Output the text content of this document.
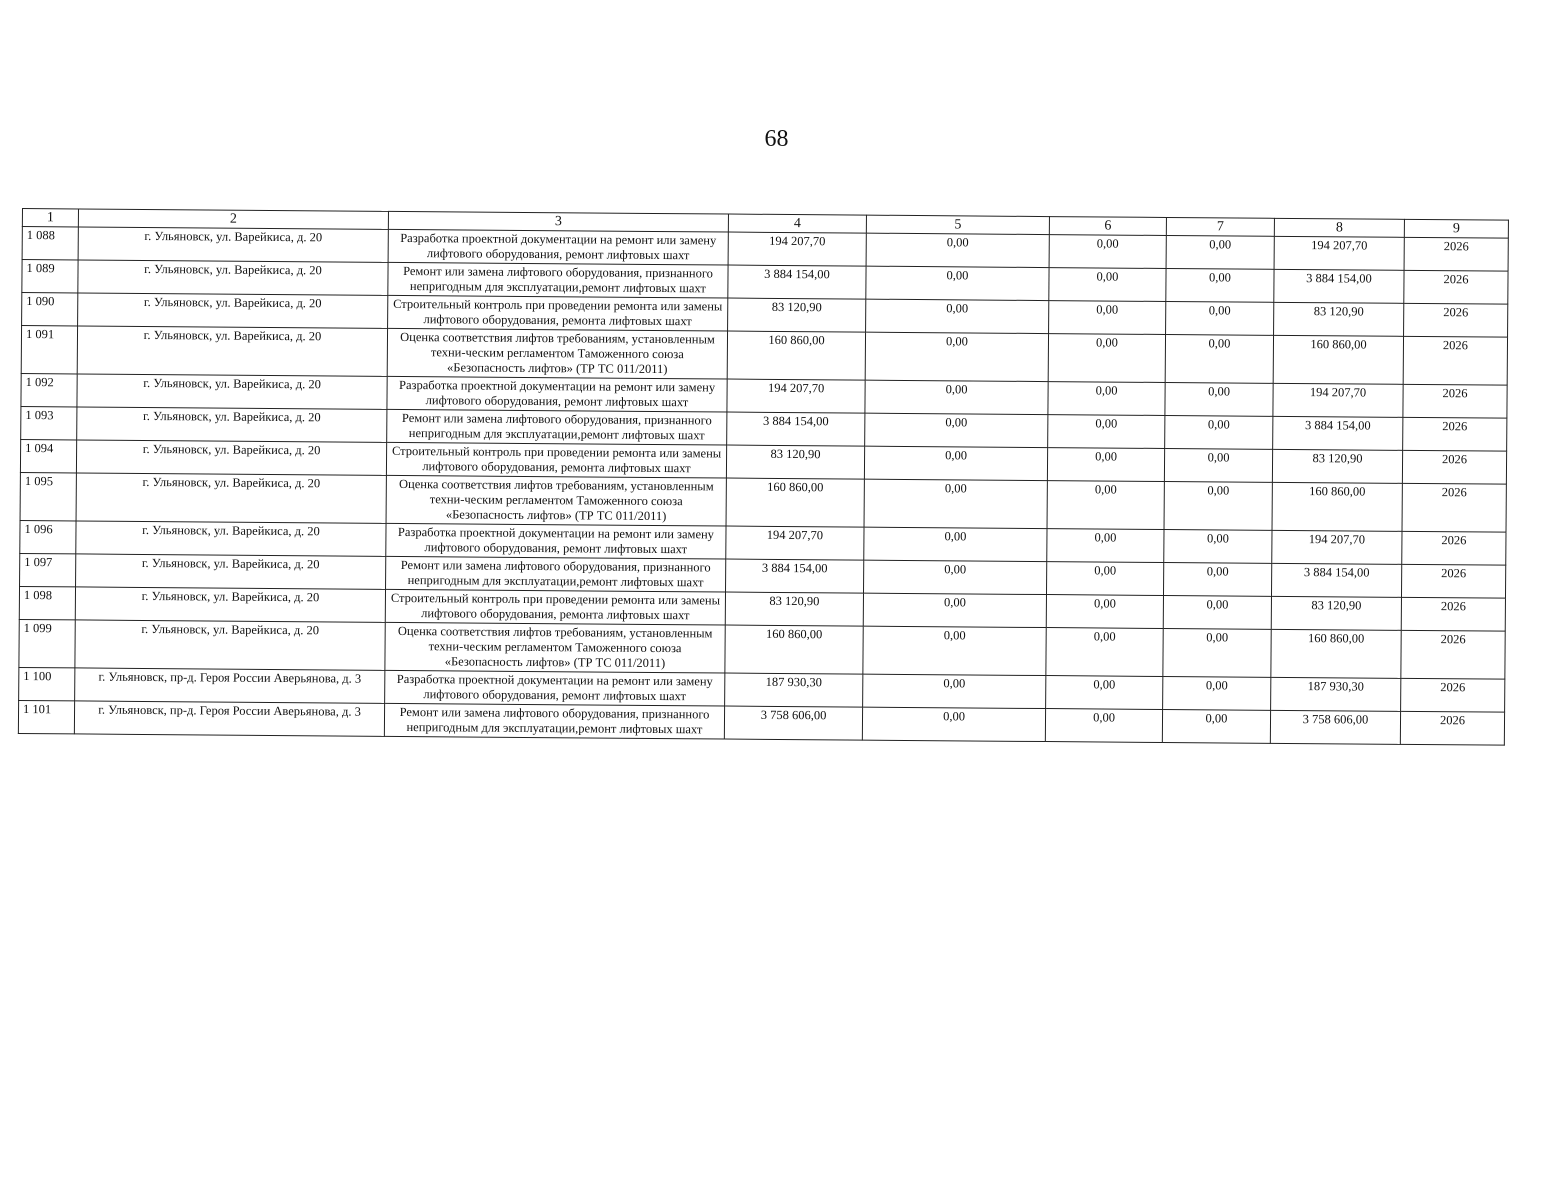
68
1	2	3	4	5	6	7	8	9
1 088	г. Ульяновск, ул. Варейкиса, д. 20	Разработка проектной документации на ремонт или замену лифтового оборудования, ремонт лифтовых шахт	194 207,70	0,00	0,00	0,00	194 207,70	2026
1 089	г. Ульяновск, ул. Варейкиса, д. 20	Ремонт или замена лифтового оборудования, признанного непригодным для эксплуатации,ремонт лифтовых шахт	3 884 154,00	0,00	0,00	0,00	3 884 154,00	2026
1 090	г. Ульяновск, ул. Варейкиса, д. 20	Строительный контроль при проведении ремонта или замены лифтового оборудования, ремонта лифтовых шахт	83 120,90	0,00	0,00	0,00	83 120,90	2026
1 091	г. Ульяновск, ул. Варейкиса, д. 20	Оценка соответствия лифтов требованиям, установленным техни-ческим регламентом Таможенного союза «Безопасность лифтов» (ТР ТС 011/2011)	160 860,00	0,00	0,00	0,00	160 860,00	2026
1 092	г. Ульяновск, ул. Варейкиса, д. 20	Разработка проектной документации на ремонт или замену лифтового оборудования, ремонт лифтовых шахт	194 207,70	0,00	0,00	0,00	194 207,70	2026
1 093	г. Ульяновск, ул. Варейкиса, д. 20	Ремонт или замена лифтового оборудования, признанного непригодным для эксплуатации,ремонт лифтовых шахт	3 884 154,00	0,00	0,00	0,00	3 884 154,00	2026
1 094	г. Ульяновск, ул. Варейкиса, д. 20	Строительный контроль при проведении ремонта или замены лифтового оборудования, ремонта лифтовых шахт	83 120,90	0,00	0,00	0,00	83 120,90	2026
1 095	г. Ульяновск, ул. Варейкиса, д. 20	Оценка соответствия лифтов требованиям, установленным техни-ческим регламентом Таможенного союза «Безопасность лифтов» (ТР ТС 011/2011)	160 860,00	0,00	0,00	0,00	160 860,00	2026
1 096	г. Ульяновск, ул. Варейкиса, д. 20	Разработка проектной документации на ремонт или замену лифтового оборудования, ремонт лифтовых шахт	194 207,70	0,00	0,00	0,00	194 207,70	2026
1 097	г. Ульяновск, ул. Варейкиса, д. 20	Ремонт или замена лифтового оборудования, признанного непригодным для эксплуатации,ремонт лифтовых шахт	3 884 154,00	0,00	0,00	0,00	3 884 154,00	2026
1 098	г. Ульяновск, ул. Варейкиса, д. 20	Строительный контроль при проведении ремонта или замены лифтового оборудования, ремонта лифтовых шахт	83 120,90	0,00	0,00	0,00	83 120,90	2026
1 099	г. Ульяновск, ул. Варейкиса, д. 20	Оценка соответствия лифтов требованиям, установленным техни-ческим регламентом Таможенного союза «Безопасность лифтов» (ТР ТС 011/2011)	160 860,00	0,00	0,00	0,00	160 860,00	2026
1 100	г. Ульяновск, пр-д. Героя России Аверьянова, д. 3	Разработка проектной документации на ремонт или замену лифтового оборудования, ремонт лифтовых шахт	187 930,30	0,00	0,00	0,00	187 930,30	2026
1 101	г. Ульяновск, пр-д. Героя России Аверьянова, д. 3	Ремонт или замена лифтового оборудования, признанного непригодным для эксплуатации,ремонт лифтовых шахт	3 758 606,00	0,00	0,00	0,00	3 758 606,00	2026
